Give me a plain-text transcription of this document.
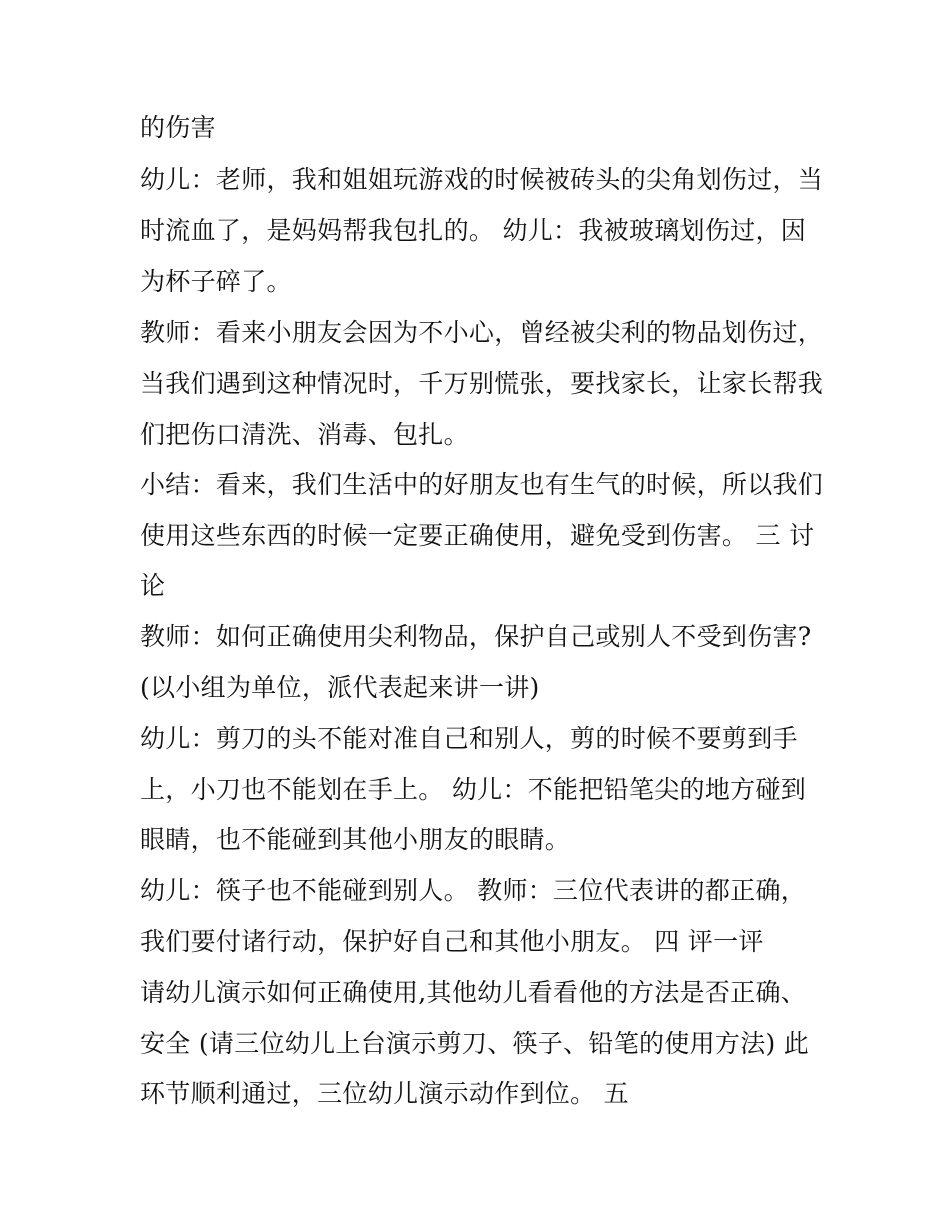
的伤害
幼儿：老师，我和姐姐玩游戏的时候被砖头的尖角划伤过，当
时流血了，是妈妈帮我包扎的。 幼儿：我被玻璃划伤过，因
为杯子碎了。
教师：看来小朋友会因为不小心，曾经被尖利的物品划伤过，
当我们遇到这种情况时，千万别慌张，要找家长，让家长帮我
们把伤口清洗、消毒、包扎。
小结：看来，我们生活中的好朋友也有生气的时候，所以我们
使用这些东西的时候一定要正确使用，避免受到伤害。 三 讨
论
教师：如何正确使用尖利物品，保护自己或别人不受到伤害?
(以小组为单位，派代表起来讲一讲)
幼儿：剪刀的头不能对准自己和别人，剪的时候不要剪到手
上，小刀也不能划在手上。 幼儿：不能把铅笔尖的地方碰到
眼睛，也不能碰到其他小朋友的眼睛。
幼儿：筷子也不能碰到别人。 教师：三位代表讲的都正确，
我们要付诸行动，保护好自己和其他小朋友。 四 评一评
请幼儿演示如何正确使用,其他幼儿看看他的方法是否正确、
安全 (请三位幼儿上台演示剪刀、筷子、铅笔的使用方法) 此
环节顺利通过，三位幼儿演示动作到位。 五
